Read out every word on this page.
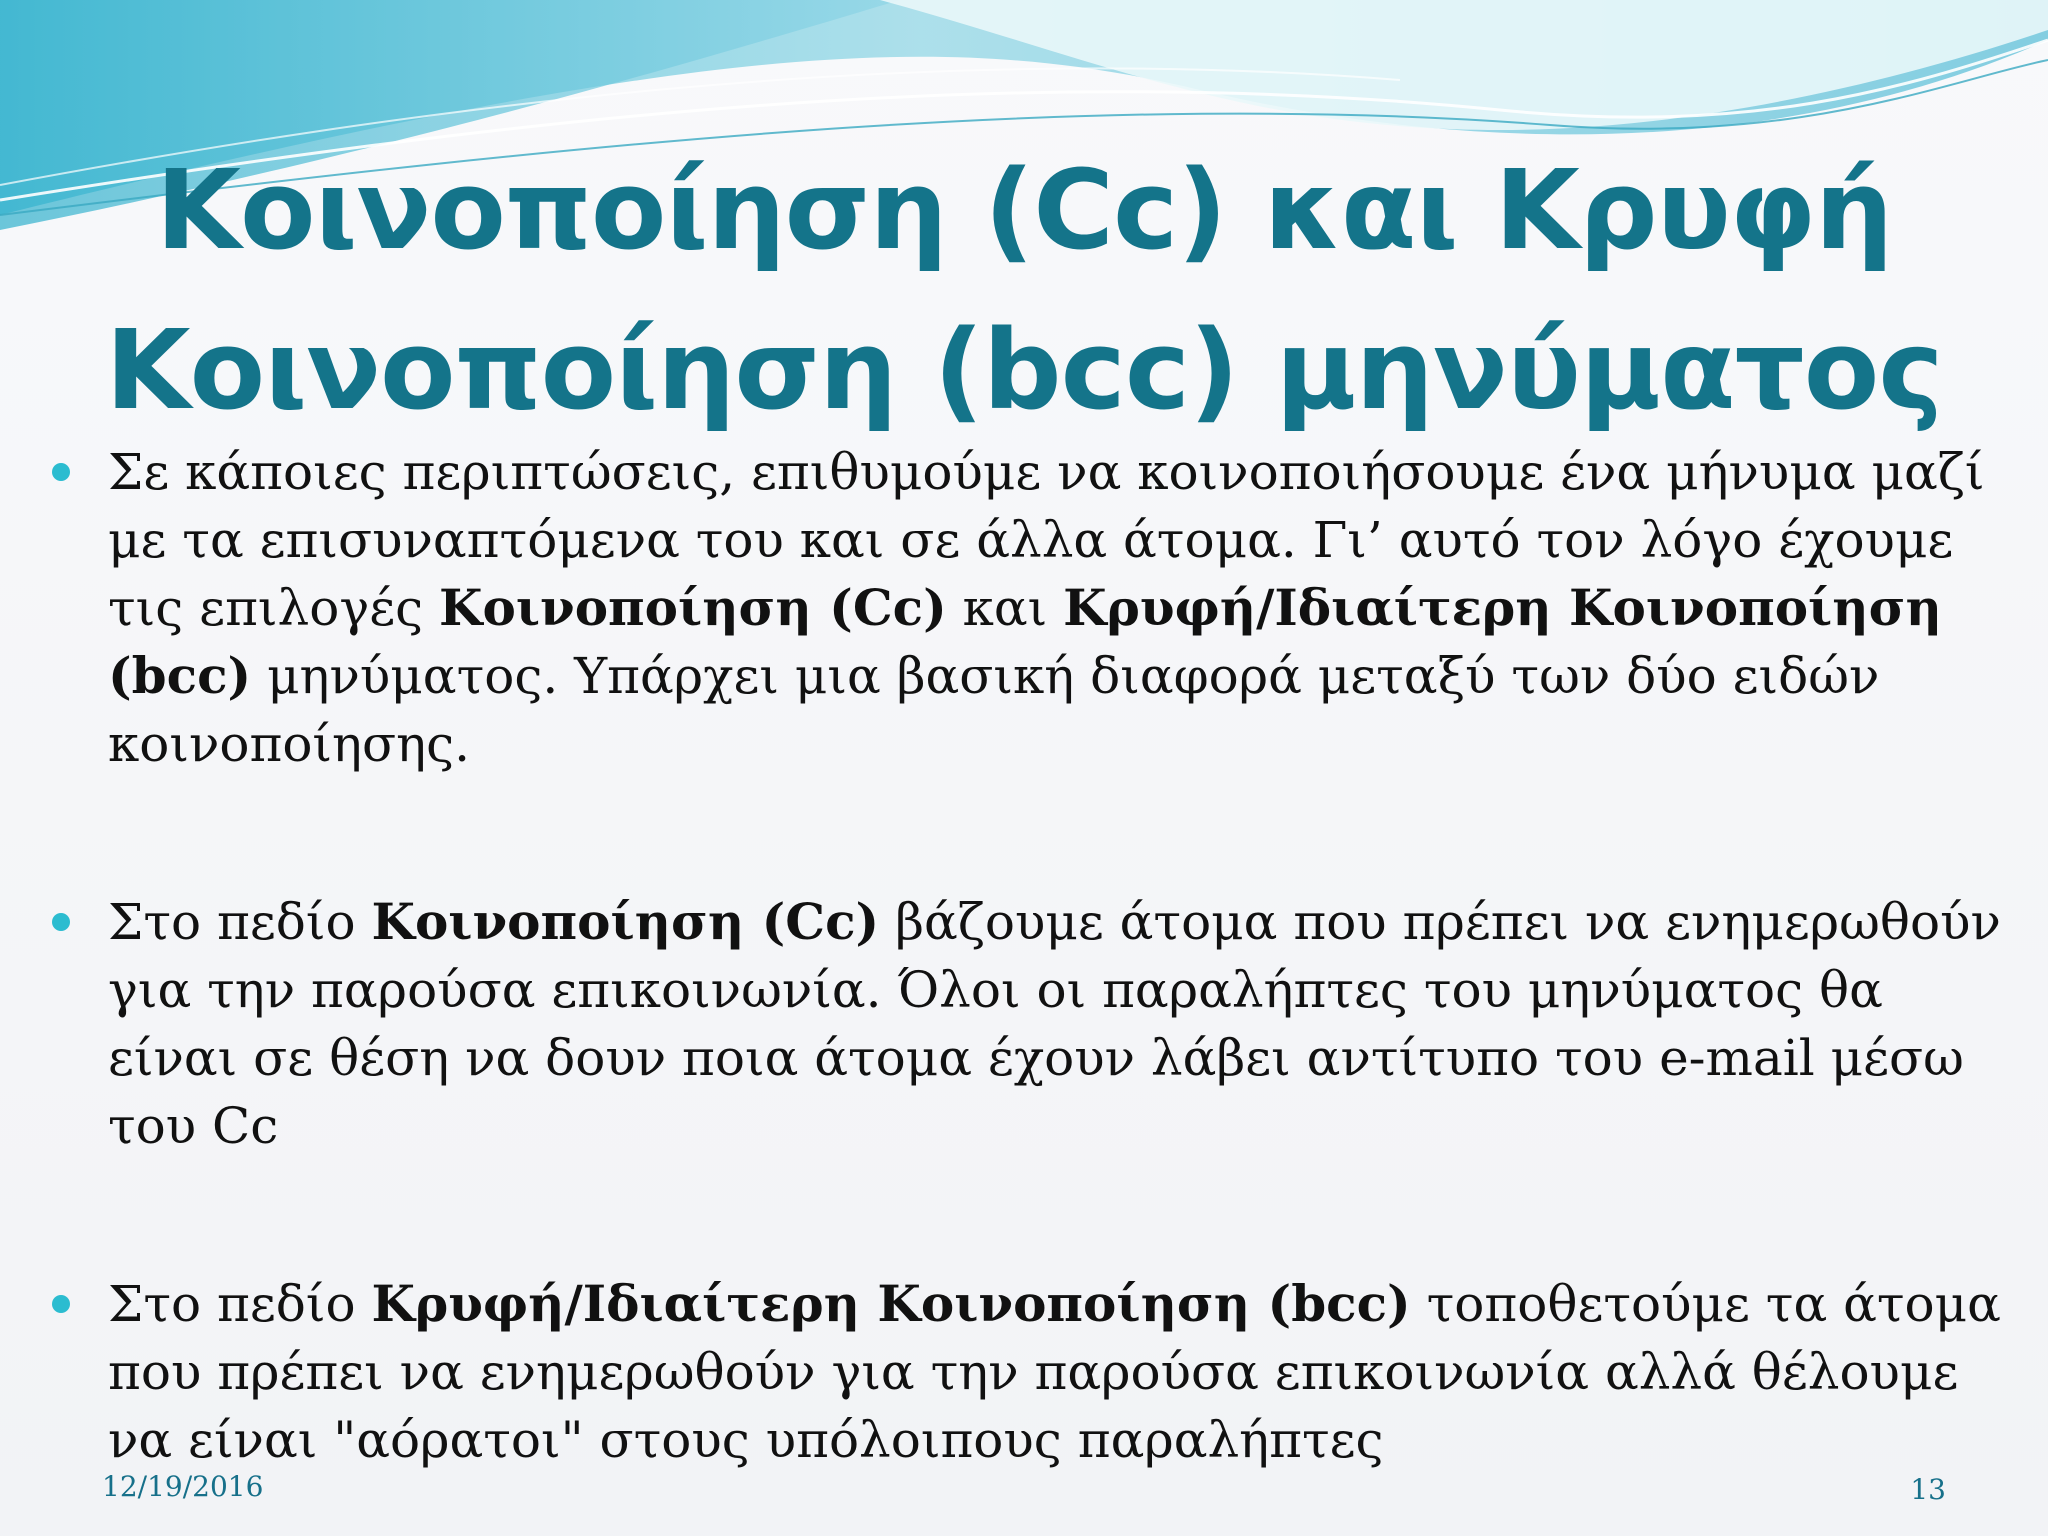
Κοινοποίηση (Cc) και Κρυφή
Κοινοποίηση (bcc) μηνύματος
Σε κάποιες περιπτώσεις, επιθυμούμε να κοινοποιήσουμε ένα μήνυμα μαζί με τα επισυναπτόμενα του και σε άλλα άτομα. Γι’ αυτό τον λόγο έχουμε τις επιλογές Κοινοποίηση (Cc) και Κρυφή/Ιδιαίτερη Κοινοποίηση (bcc) μηνύματος. Υπάρχει μια βασική διαφορά μεταξύ των δύο ειδών κοινοποίησης.
Στο πεδίο Κοινοποίηση (Cc) βάζουμε άτομα που πρέπει να ενημερωθούν για την παρούσα επικοινωνία. Όλοι οι παραλήπτες του μηνύματος θα είναι σε θέση να δουν ποια άτομα έχουν λάβει αντίτυπο του e-mail μέσω του Cc
Στο πεδίο Κρυφή/Ιδιαίτερη Κοινοποίηση (bcc) τοποθετούμε τα άτομα που πρέπει να ενημερωθούν για την παρούσα επικοινωνία αλλά θέλουμε να είναι "αόρατοι" στους υπόλοιπους παραλήπτες
12/19/2016	13
